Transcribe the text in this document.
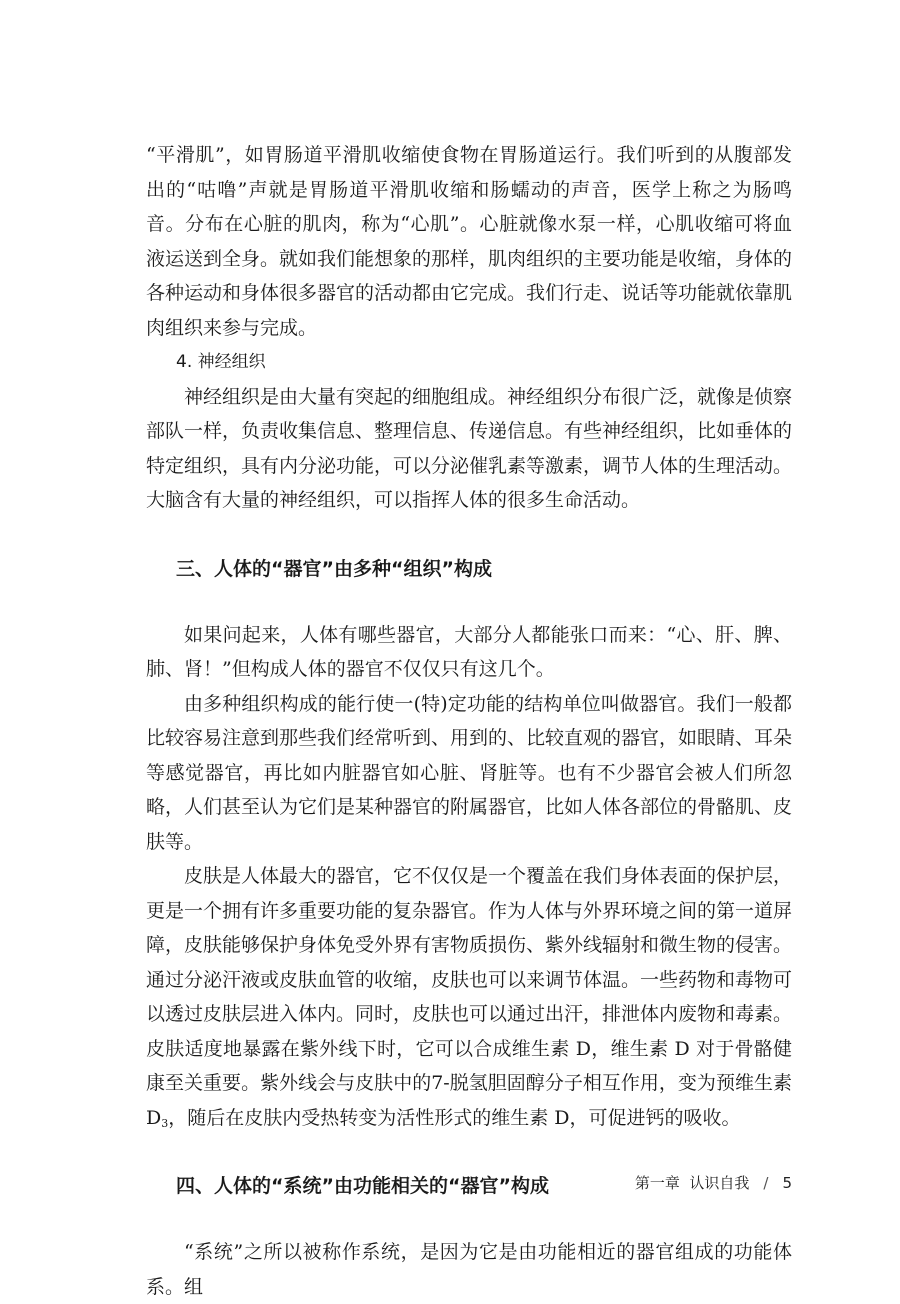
“平滑肌”，如胃肠道平滑肌收缩使食物在胃肠道运行。我们听到的从腹部发出的“咕噜”声就是胃肠道平滑肌收缩和肠蠕动的声音，医学上称之为肠鸣音。分布在心脏的肌肉，称为“心肌”。心脏就像水泵一样，心肌收缩可将血液运送到全身。就如我们能想象的那样，肌肉组织的主要功能是收缩，身体的各种运动和身体很多器官的活动都由它完成。我们行走、说话等功能就依靠肌肉组织来参与完成。

4. 神经组织

神经组织是由大量有突起的细胞组成。神经组织分布很广泛，就像是侦察部队一样，负责收集信息、整理信息、传递信息。有些神经组织，比如垂体的特定组织，具有内分泌功能，可以分泌催乳素等激素，调节人体的生理活动。大脑含有大量的神经组织，可以指挥人体的很多生命活动。

三、人体的“器官”由多种“组织”构成

如果问起来，人体有哪些器官，大部分人都能张口而来：“心、肝、脾、肺、肾！”但构成人体的器官不仅仅只有这几个。

由多种组织构成的能行使一(特)定功能的结构单位叫做器官。我们一般都比较容易注意到那些我们经常听到、用到的、比较直观的器官，如眼睛、耳朵等感觉器官，再比如内脏器官如心脏、肾脏等。也有不少器官会被人们所忽略，人们甚至认为它们是某种器官的附属器官，比如人体各部位的骨骼肌、皮肤等。

皮肤是人体最大的器官，它不仅仅是一个覆盖在我们身体表面的保护层，更是一个拥有许多重要功能的复杂器官。作为人体与外界环境之间的第一道屏障，皮肤能够保护身体免受外界有害物质损伤、紫外线辐射和微生物的侵害。通过分泌汗液或皮肤血管的收缩，皮肤也可以来调节体温。一些药物和毒物可以透过皮肤层进入体内。同时，皮肤也可以通过出汗，排泄体内废物和毒素。皮肤适度地暴露在紫外线下时，它可以合成维生素 D，维生素 D 对于骨骼健康至关重要。紫外线会与皮肤中的7-脱氢胆固醇分子相互作用，变为预维生素 $D_3$，随后在皮肤内受热转变为活性形式的维生素 D，可促进钙的吸收。

四、人体的“系统”由功能相关的“器官”构成

“系统”之所以被称作系统，是因为它是由功能相近的器官组成的功能体系。组

第一章 认识自我 / 5
